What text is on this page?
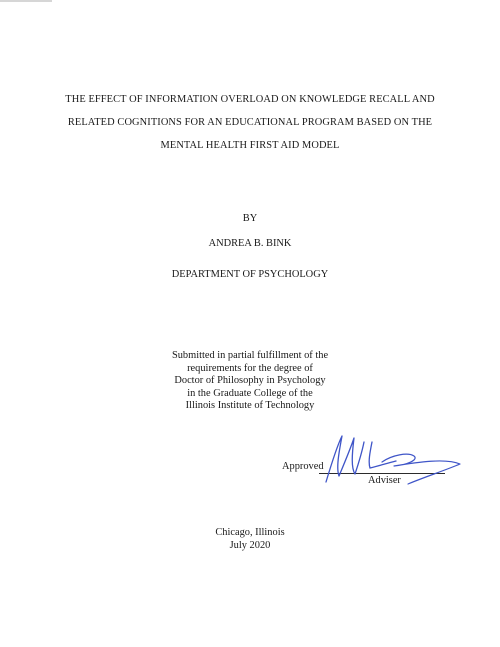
THE EFFECT OF INFORMATION OVERLOAD ON KNOWLEDGE RECALL AND
RELATED COGNITIONS FOR AN EDUCATIONAL PROGRAM BASED ON THE
MENTAL HEALTH FIRST AID MODEL
BY
ANDREA B. BINK
DEPARTMENT OF PSYCHOLOGY
Submitted in partial fulfillment of the
requirements for the degree of
Doctor of Philosophy in Psychology
in the Graduate College of the
Illinois Institute of Technology
Approved
Adviser
Chicago, Illinois
July 2020
